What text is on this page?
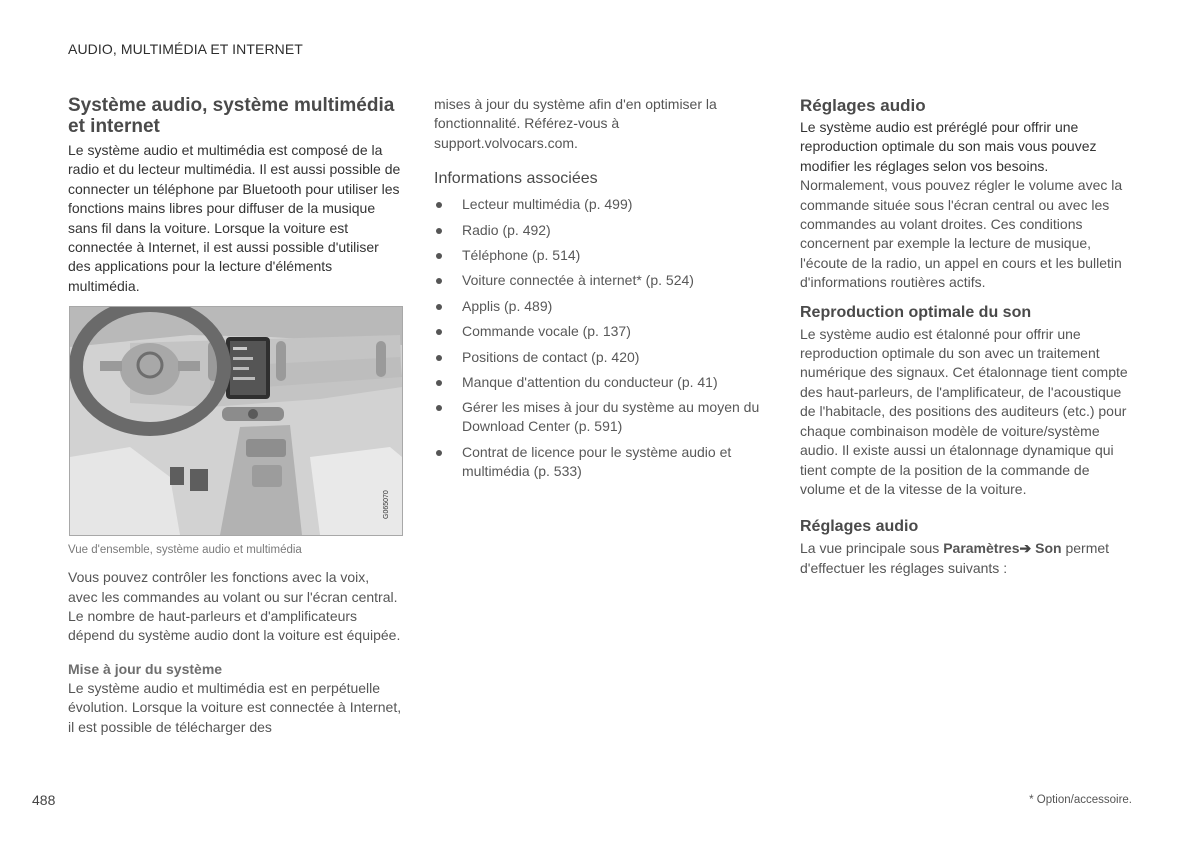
AUDIO, MULTIMÉDIA ET INTERNET
Système audio, système multimédia et internet

Le système audio et multimédia est composé de la radio et du lecteur multimédia. Il est aussi possible de connecter un téléphone par Bluetooth pour utiliser les fonctions mains libres pour diffuser de la musique sans fil dans la voiture. Lorsque la voiture est connectée à Internet, il est aussi possible d'utiliser des applications pour la lecture d'éléments multimédia.

G065070
Vue d'ensemble, système audio et multimédia

Vous pouvez contrôler les fonctions avec la voix, avec les commandes au volant ou sur l'écran central. Le nombre de haut-parleurs et d'amplificateurs dépend du système audio dont la voiture est équipée.

Mise à jour du système

Le système audio et multimédia est en perpétuelle évolution. Lorsque la voiture est connectée à Internet, il est possible de télécharger des

mises à jour du système afin d'en optimiser la fonctionnalité. Référez-vous à support.volvocars.com.

Informations associées
Lecteur multimédia (p. 499)
Radio (p. 492)
Téléphone (p. 514)
Voiture connectée à internet* (p. 524)
Applis (p. 489)
Commande vocale (p. 137)
Positions de contact (p. 420)
Manque d'attention du conducteur (p. 41)
Gérer les mises à jour du système au moyen du Download Center (p. 591)
Contrat de licence pour le système audio et multimédia (p. 533)
Réglages audio

Le système audio est préréglé pour offrir une reproduction optimale du son mais vous pouvez modifier les réglages selon vos besoins.

Normalement, vous pouvez régler le volume avec la commande située sous l'écran central ou avec les commandes au volant droites. Ces conditions concernent par exemple la lecture de musique, l'écoute de la radio, un appel en cours et les bulletin d'informations routières actifs.

Reproduction optimale du son

Le système audio est étalonné pour offrir une reproduction optimale du son avec un traitement numérique des signaux. Cet étalonnage tient compte des haut-parleurs, de l'amplificateur, de l'acoustique de l'habitacle, des positions des auditeurs (etc.) pour chaque combinaison modèle de voiture/système audio. Il existe aussi un étalonnage dynamique qui tient compte de la position de la commande de volume et de la vitesse de la voiture.

Réglages audio

La vue principale sous Paramètres➔ Son permet d'effectuer les réglages suivants :

488	* Option/accessoire.
